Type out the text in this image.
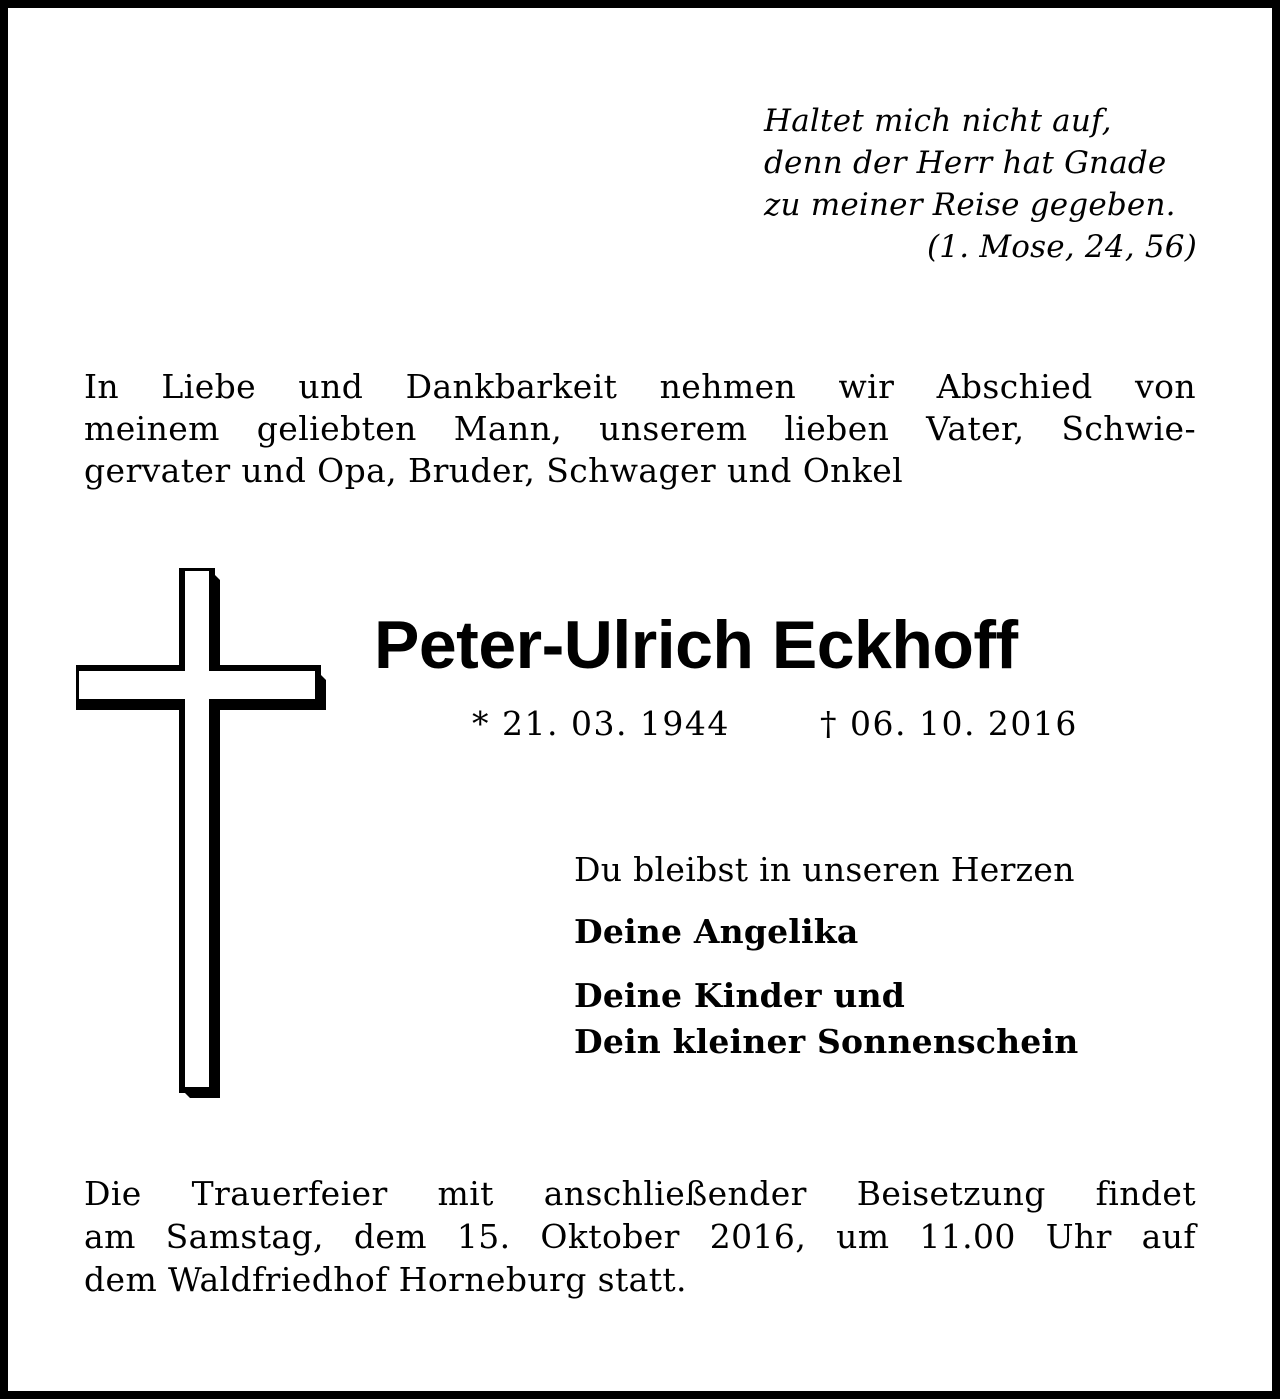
Haltet mich nicht auf,
denn der Herr hat Gnade
zu meiner Reise gegeben.
(1. Mose, 24, 56)
In Liebe und Dankbarkeit nehmen wir Abschied von
meinem geliebten Mann, unserem lieben Vater, Schwie-
gervater und Opa, Bruder, Schwager und Onkel
Peter-Ulrich Eckhoff
* 21. 03. 1944	† 06. 10. 2016
Du bleibst in unseren Herzen
Deine Angelika
Deine Kinder und
Dein kleiner Sonnenschein
Die Trauerfeier mit anschließender Beisetzung findet
am Samstag, dem 15. Oktober 2016, um 11.00 Uhr auf
dem Waldfriedhof Horneburg statt.
